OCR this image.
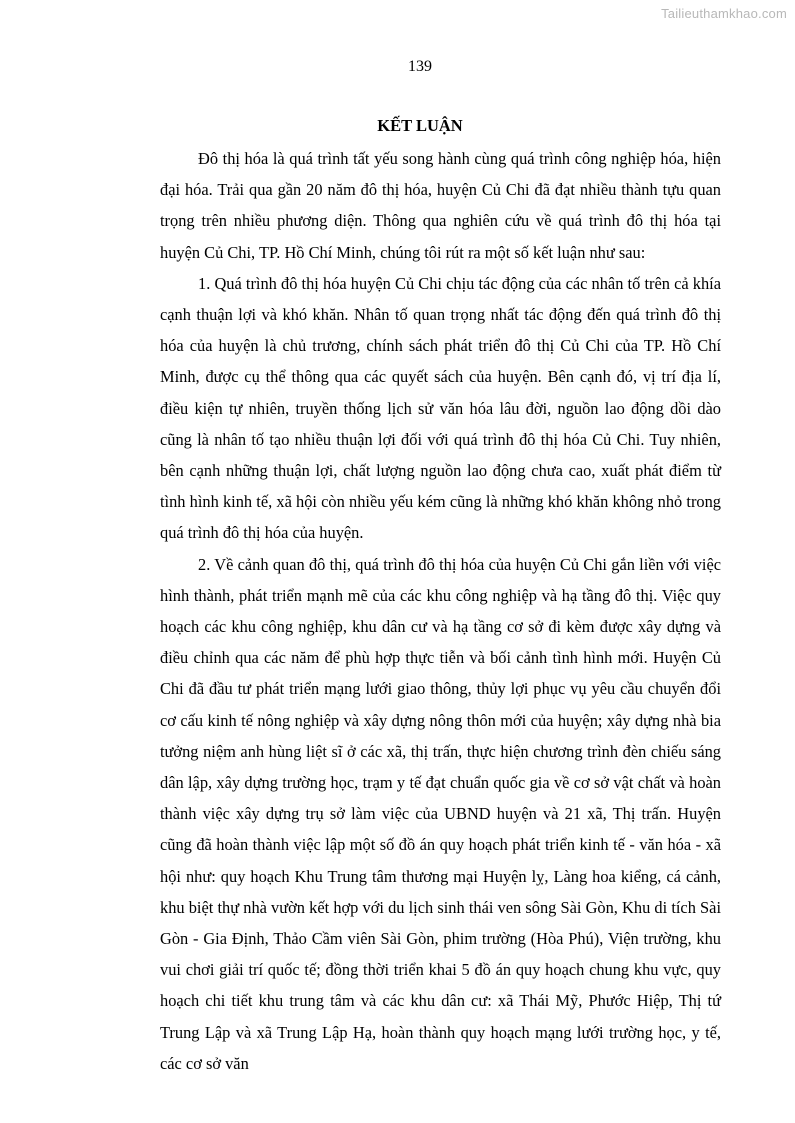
Tailieuthamkhao.com
139
KẾT LUẬN

Đô thị hóa là quá trình tất yếu song hành cùng quá trình công nghiệp hóa, hiện đại hóa. Trải qua gần 20 năm đô thị hóa, huyện Củ Chi đã đạt nhiều thành tựu quan trọng trên nhiều phương diện. Thông qua nghiên cứu về quá trình đô thị hóa tại huyện Củ Chi, TP. Hồ Chí Minh, chúng tôi rút ra một số kết luận như sau:

1. Quá trình đô thị hóa huyện Củ Chi chịu tác động của các nhân tố trên cả khía cạnh thuận lợi và khó khăn. Nhân tố quan trọng nhất tác động đến quá trình đô thị hóa của huyện là chủ trương, chính sách phát triển đô thị Củ Chi của TP. Hồ Chí Minh, được cụ thể thông qua các quyết sách của huyện. Bên cạnh đó, vị trí địa lí, điều kiện tự nhiên, truyền thống lịch sử văn hóa lâu đời, nguồn lao động dồi dào cũng là nhân tố tạo nhiều thuận lợi đối với quá trình đô thị hóa Củ Chi. Tuy nhiên, bên cạnh những thuận lợi, chất lượng nguồn lao động chưa cao, xuất phát điểm từ tình hình kinh tế, xã hội còn nhiều yếu kém cũng là những khó khăn không nhỏ trong quá trình đô thị hóa của huyện.

2. Về cảnh quan đô thị, quá trình đô thị hóa của huyện Củ Chi gắn liền với việc hình thành, phát triển mạnh mẽ của các khu công nghiệp và hạ tầng đô thị. Việc quy hoạch các khu công nghiệp, khu dân cư và hạ tầng cơ sở đi kèm được xây dựng và điều chỉnh qua các năm để phù hợp thực tiễn và bối cảnh tình hình mới. Huyện Củ Chi đã đầu tư phát triển mạng lưới giao thông, thủy lợi phục vụ yêu cầu chuyển đổi cơ cấu kinh tế nông nghiệp và xây dựng nông thôn mới của huyện; xây dựng nhà bia tưởng niệm anh hùng liệt sĩ ở các xã, thị trấn, thực hiện chương trình đèn chiếu sáng dân lập, xây dựng trường học, trạm y tế đạt chuẩn quốc gia về cơ sở vật chất và hoàn thành việc xây dựng trụ sở làm việc của UBND huyện và 21 xã, Thị trấn. Huyện cũng đã hoàn thành việc lập một số đồ án quy hoạch phát triển kinh tế - văn hóa - xã hội như: quy hoạch Khu Trung tâm thương mại Huyện lỵ, Làng hoa kiểng, cá cảnh, khu biệt thự nhà vườn kết hợp với du lịch sinh thái ven sông Sài Gòn, Khu di tích Sài Gòn - Gia Định, Thảo Cầm viên Sài Gòn, phim trường (Hòa Phú), Viện trường, khu vui chơi giải trí quốc tế; đồng thời triển khai 5 đồ án quy hoạch chung khu vực, quy hoạch chi tiết khu trung tâm và các khu dân cư: xã Thái Mỹ, Phước Hiệp, Thị tứ Trung Lập và xã Trung Lập Hạ, hoàn thành quy hoạch mạng lưới trường học, y tế, các cơ sở văn
